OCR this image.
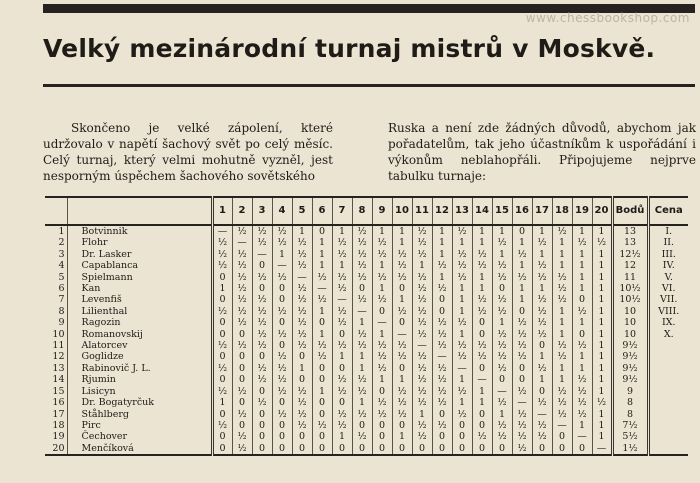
www.chessbookshop.com
Velký mezinárodní turnaj mistrů v Moskvě.
Skončeno je velké zápolení, které udržovalo v napětí šachový svět po celý měsíc. Celý turnaj, který velmi mohutně vyzněl, jest nesporným úspěchem šachového sovětského
Ruska a není zde žádných důvodů, abychom jak pořadatelům, tak jeho účastníkům k uspořádání i výkonům neblahopřáli. Připojujeme nejprve tabulku turnaje:
		1	2	3	4	5	6	7	8	9	10	11	12	13	14	15	16	17	18	19	20	Bodů	Cena
1	Botvinnik	—	½	½	½	1	0	1	½	1	1	½	1	½	1	1	0	1	½	1	1	13	I.
2	Flohr	½	—	½	½	½	1	½	½	½	1	½	1	1	1	½	1	½	1	½	½	13	II.
3	Dr. Lasker	½	½	—	1	½	1	½	½	½	½	½	1	½	½	1	½	1	1	1	1	12½	III.
4	Capablanca	½	½	0	—	½	1	1	½	1	½	1	½	½	½	½	1	½	1	1	1	12	IV.
5	Spielmann	0	½	½	½	—	½	½	½	½	½	½	1	½	1	½	½	½	½	1	1	11	V.
6	Kan	1	½	0	0	½	—	½	0	1	0	½	½	1	1	0	1	1	½	1	1	10½	VI.
7	Levenfiš	0	½	½	0	½	½	—	½	½	1	½	0	1	½	½	1	½	½	0	1	10½	VII.
8	Lilienthal	½	½	½	½	½	1	½	—	0	½	½	0	1	½	½	0	½	1	½	1	10	VIII.
9	Ragozin	0	½	½	0	½	0	½	1	—	0	½	½	½	0	1	½	½	1	1	1	10	IX.
10	Romanovskij	0	0	½	½	½	1	0	½	1	—	½	½	1	0	½	½	½	1	0	1	10	X.
11	Alatorcev	½	½	½	0	½	½	½	½	½	½	—	½	½	½	½	½	0	½	½	1	9½	
12	Goglidze	0	0	0	½	0	½	1	1	½	½	½	—	½	½	½	½	1	½	1	1	9½	
13	Rabinovič J. L.	½	0	½	½	1	0	0	1	½	0	½	½	—	0	½	0	½	1	1	1	9½	
14	Rjumin	0	0	½	½	0	0	½	½	1	1	½	½	1	—	0	0	1	1	½	1	9½	
15	Lisicyn	½	½	0	½	½	1	½	½	0	½	½	½	½	1	—	½	0	½	½	1	9	
16	Dr. Bogatyrčuk	1	0	½	0	½	0	0	1	½	½	½	½	1	1	½	—	½	½	½	½	8	
17	Ståhlberg	0	½	0	½	½	0	½	½	½	½	1	0	½	0	1	½	—	½	½	1	8	
18	Pirc	½	0	0	0	½	½	½	0	0	0	½	½	0	0	½	½	½	—	1	1	7½	
19	Čechover	0	½	0	0	0	0	1	½	0	1	½	0	0	½	½	½	½	0	—	1	5½	
20	Menčíková	0	½	0	0	0	0	0	0	0	0	0	0	0	0	0	½	0	0	0	—	1½	
